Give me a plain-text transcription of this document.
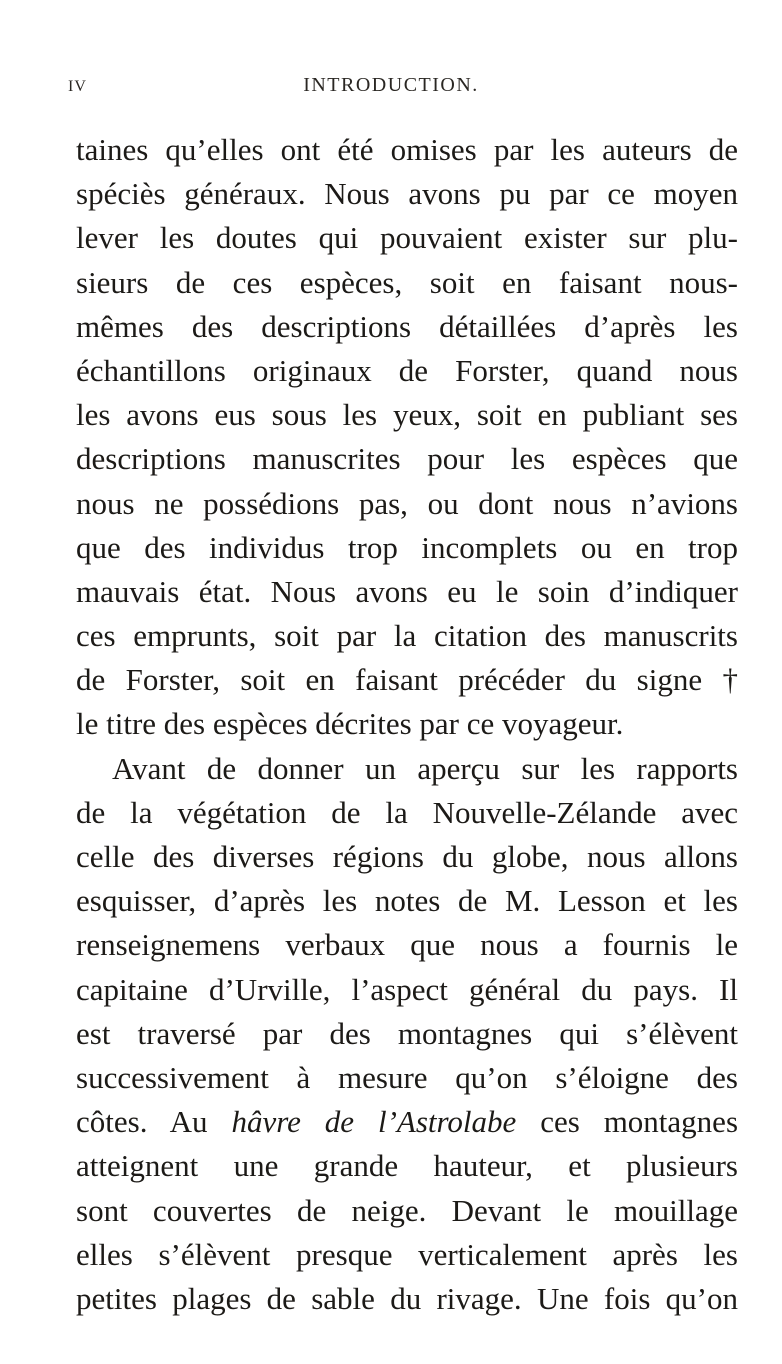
IV	INTRODUCTION.
taines qu’elles ont été omises par les auteurs de
spéciès généraux. Nous avons pu par ce moyen
lever les doutes qui pouvaient exister sur plu-
sieurs de ces espèces, soit en faisant nous-
mêmes des descriptions détaillées d’après les
échantillons originaux de Forster, quand nous
les avons eus sous les yeux, soit en publiant ses
descriptions manuscrites pour les espèces que
nous ne possédions pas, ou dont nous n’avions
que des individus trop incomplets ou en trop
mauvais état. Nous avons eu le soin d’indiquer
ces emprunts, soit par la citation des manuscrits
de Forster, soit en faisant précéder du signe †
le titre des espèces décrites par ce voyageur.
Avant de donner un aperçu sur les rapports
de la végétation de la Nouvelle-Zélande avec
celle des diverses régions du globe, nous allons
esquisser, d’après les notes de M. Lesson et les
renseignemens verbaux que nous a fournis le
capitaine d’Urville, l’aspect général du pays. Il
est traversé par des montagnes qui s’élèvent
successivement à mesure qu’on s’éloigne des
côtes. Au hâvre de l’Astrolabe ces montagnes
atteignent une grande hauteur, et plusieurs
sont couvertes de neige. Devant le mouillage
elles s’élèvent presque verticalement après les
petites plages de sable du rivage. Une fois qu’on
